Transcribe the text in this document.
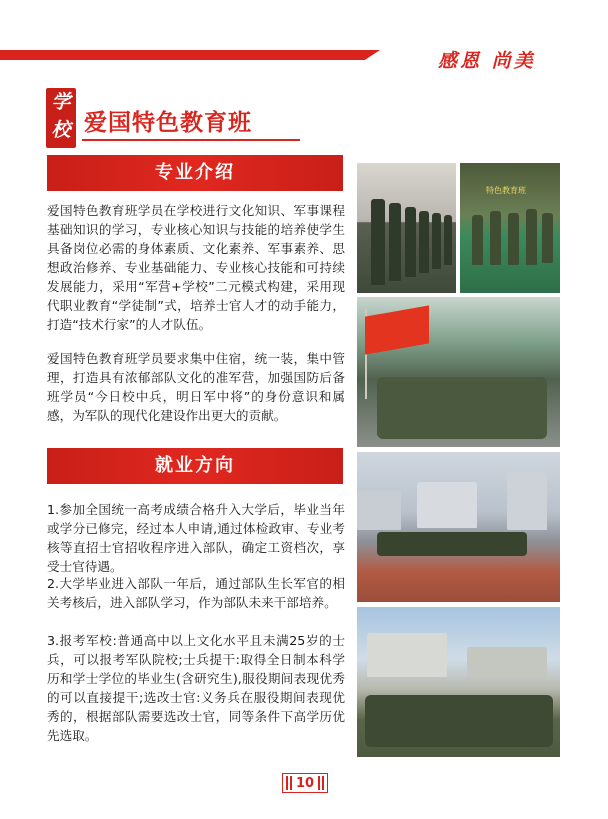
感恩 尚美
学
校 爱国特色教育班
专业介绍

爱国特色教育班学员在学校进行文化知识、军事课程基础知识的学习，专业核心知识与技能的培养使学生具备岗位必需的身体素质、文化素养、军事素养、思想政治修养、专业基础能力、专业核心技能和可持续发展能力，采用“军营+学校”二元模式构建，采用现代职业教育“学徒制”式，培养士官人才的动手能力，打造“技术行家”的人才队伍。

爱国特色教育班学员要求集中住宿，统一装，集中管理，打造具有浓郁部队文化的准军营，加强国防后备班学员“今日校中兵，明日军中将”的身份意识和属感，为军队的现代化建设作出更大的贡献。

就业方向

1.参加全国统一高考成绩合格升入大学后，毕业当年或学分已修完，经过本人申请,通过体检政审、专业考核等直招士官招收程序进入部队，确定工资档次，享受士官待遇。

2.大学毕业进入部队一年后，通过部队生长军官的相关考核后，进入部队学习，作为部队未来干部培养。

3.报考军校:普通高中以上文化水平且未满25岁的士兵，可以报考军队院校;士兵提干:取得全日制本科学历和学士学位的毕业生(含研究生),服役期间表现优秀的可以直接提干;选改士官:义务兵在服役期间表现优秀的，根据部队需要选改士官，同等条件下高学历优先选取。

特色教育班
10
